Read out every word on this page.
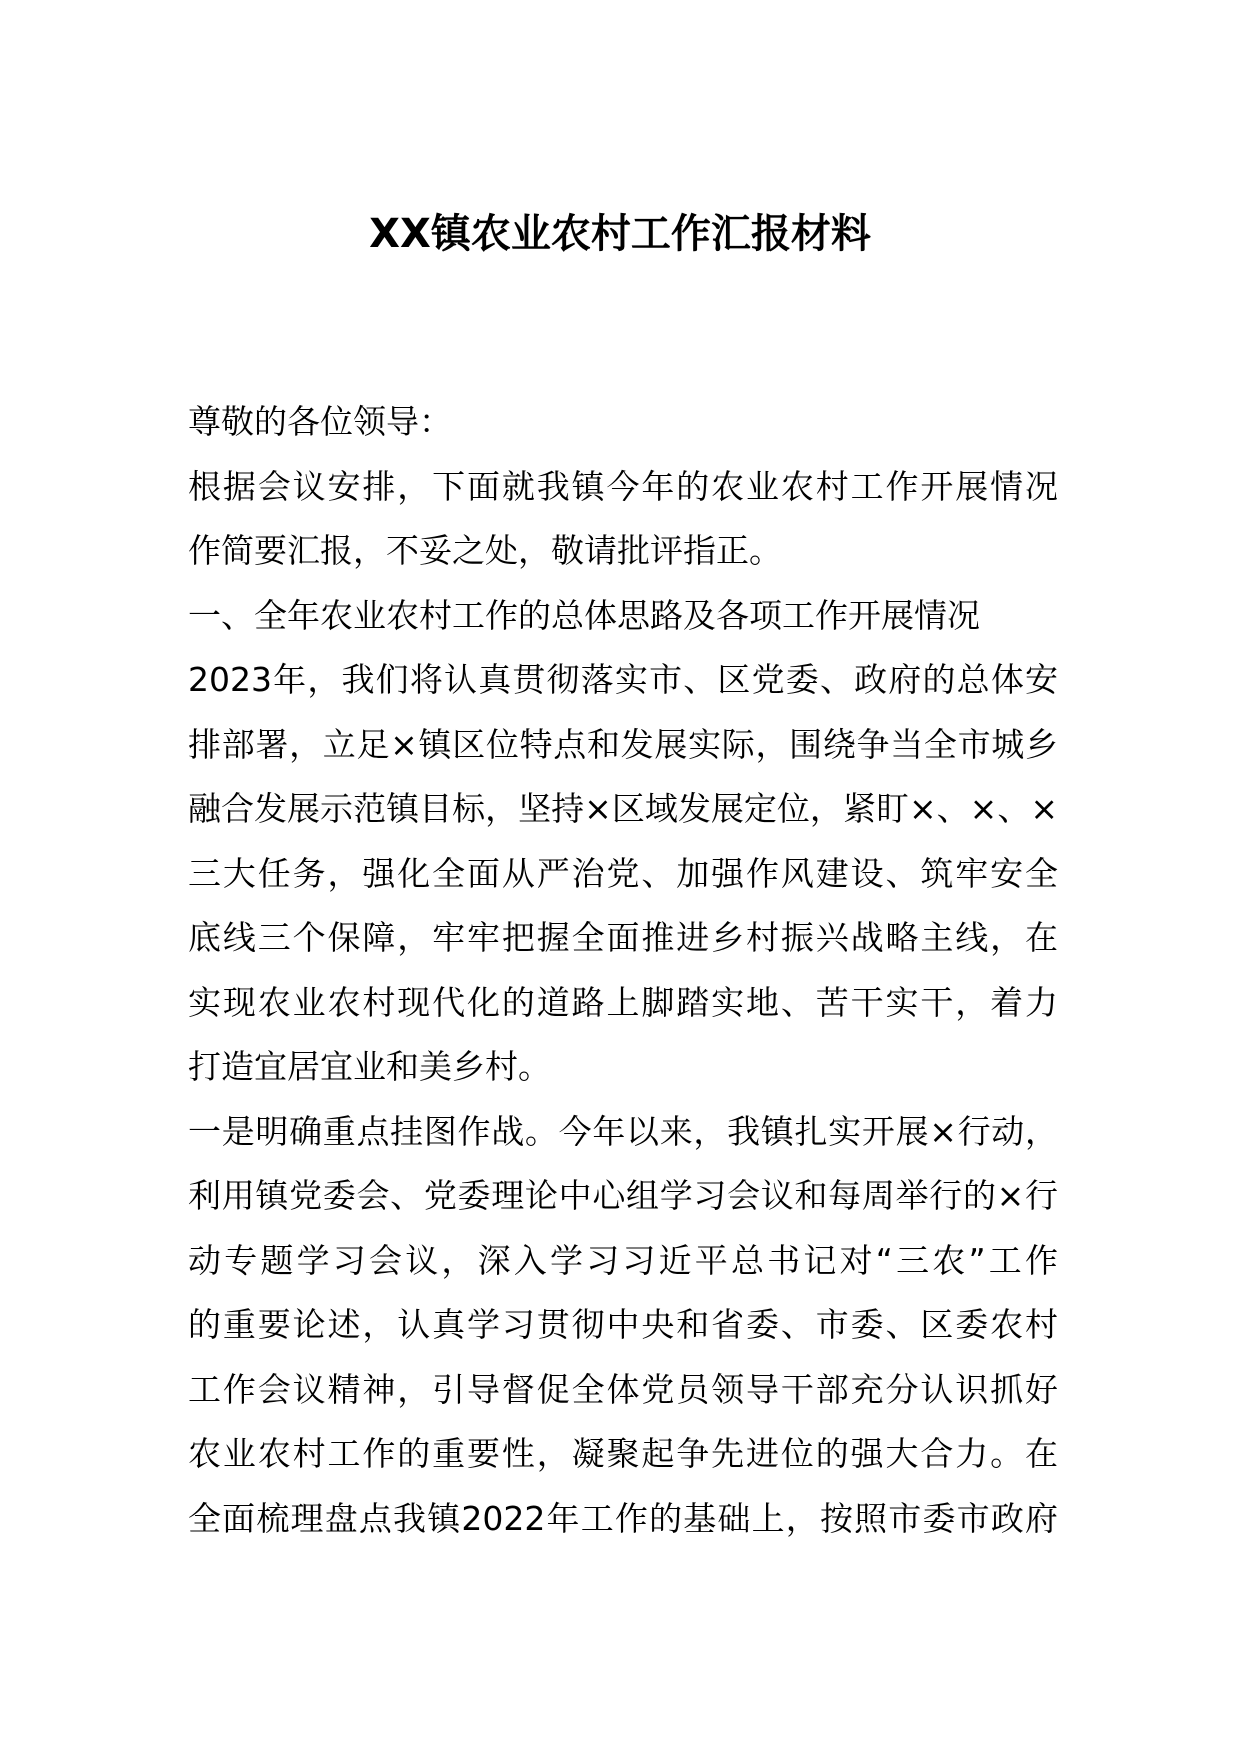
XX镇农业农村工作汇报材料
尊敬的各位领导：
根据会议安排，下面就我镇今年的农业农村工作开展情况
作简要汇报，不妥之处，敬请批评指正。
一、全年农业农村工作的总体思路及各项工作开展情况
2023年，我们将认真贯彻落实市、区党委、政府的总体安
排部署，立足×镇区位特点和发展实际，围绕争当全市城乡
融合发展示范镇目标，坚持×区域发展定位，紧盯×、×、×
三大任务，强化全面从严治党、加强作风建设、筑牢安全
底线三个保障，牢牢把握全面推进乡村振兴战略主线，在
实现农业农村现代化的道路上脚踏实地、苦干实干，着力
打造宜居宜业和美乡村。
一是明确重点挂图作战。今年以来，我镇扎实开展×行动，
利用镇党委会、党委理论中心组学习会议和每周举行的×行
动专题学习会议，深入学习习近平总书记对“三农”工作
的重要论述，认真学习贯彻中央和省委、市委、区委农村
工作会议精神，引导督促全体党员领导干部充分认识抓好
农业农村工作的重要性，凝聚起争先进位的强大合力。在
全面梳理盘点我镇2022年工作的基础上，按照市委市政府
